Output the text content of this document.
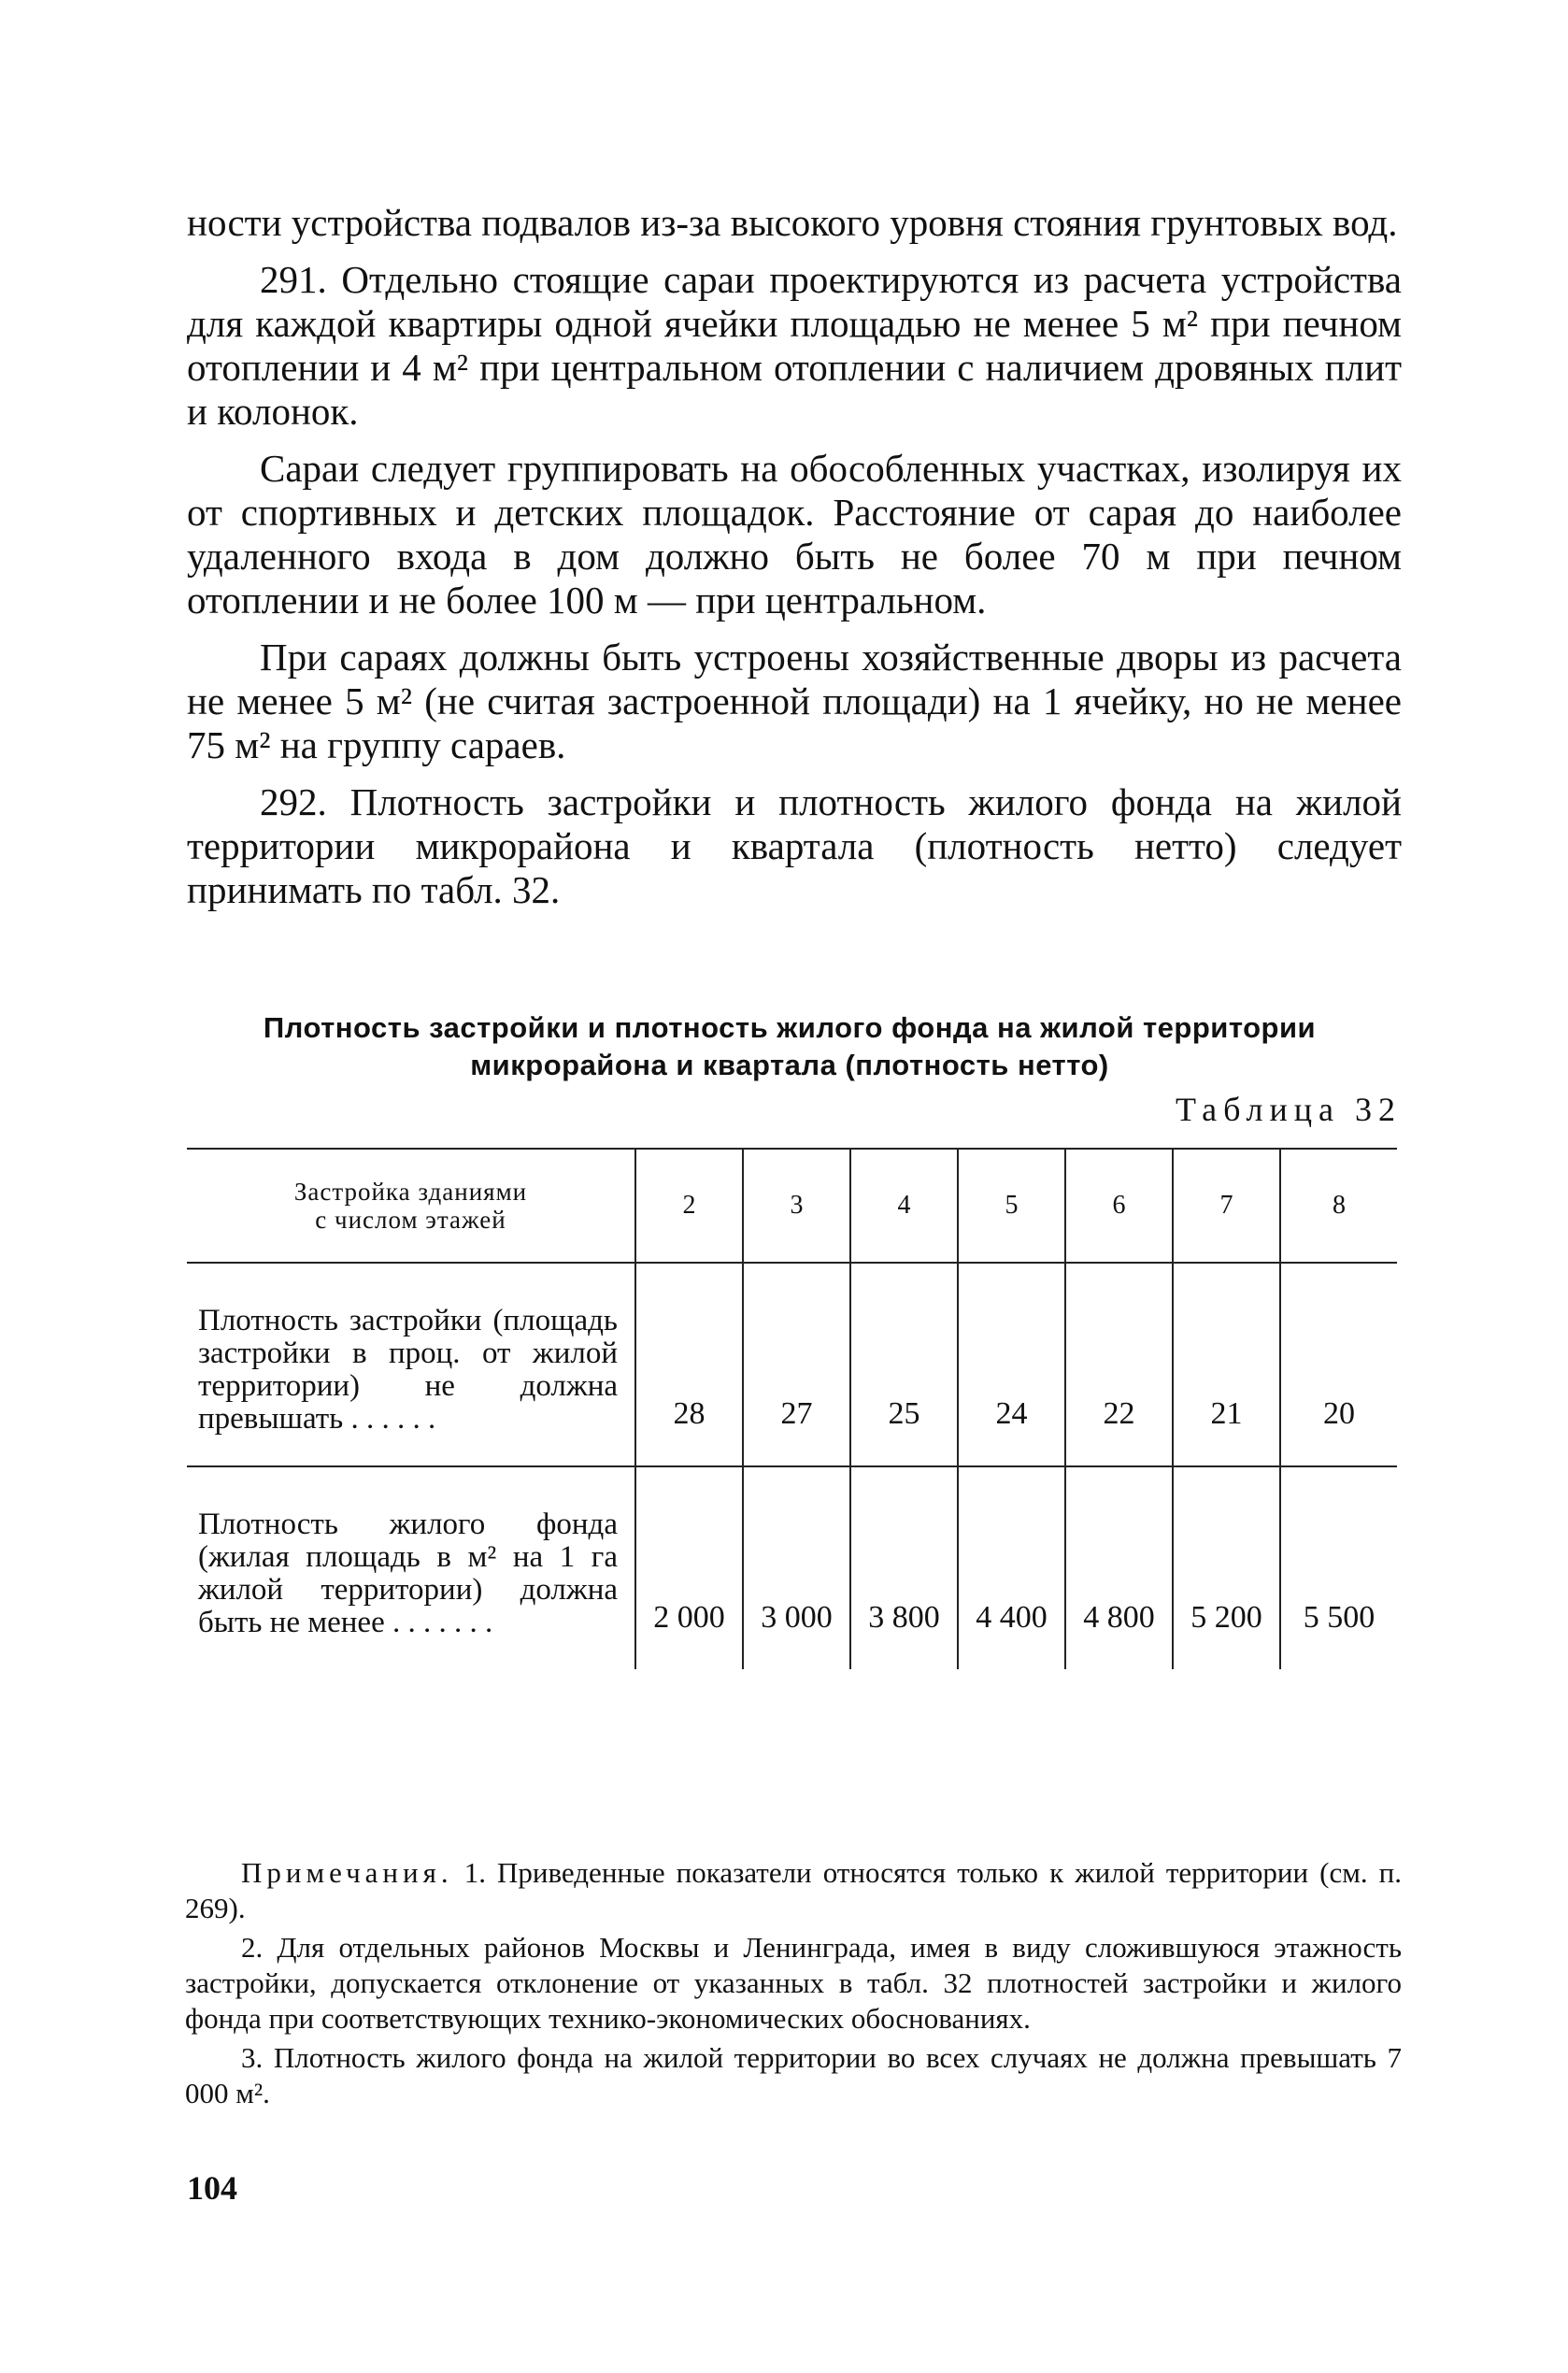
ности устройства подвалов из-за высокого уровня стояния грунтовых вод.

291. Отдельно стоящие сараи проектируются из расчета устройства для каждой квартиры одной ячейки площадью не менее 5 м² при печном отоплении и 4 м² при центральном отоплении с наличием дровяных плит и колонок.

Сараи следует группировать на обособленных участках, изолируя их от спортивных и детских площадок. Расстояние от сарая до наиболее удаленного входа в дом должно быть не более 70 м при печном отоплении и не более 100 м — при центральном.

При сараях должны быть устроены хозяйственные дворы из расчета не менее 5 м² (не считая застроенной площади) на 1 ячейку, но не менее 75 м² на группу сараев.

292. Плотность застройки и плотность жилого фонда на жилой территории микрорайона и квартала (плотность нетто) следует принимать по табл. 32.

Плотность застройки и плотность жилого фонда на жилой территории
микрорайона и квартала (плотность нетто)
Таблица 32
Застройка зданиями
с числом этажей	2	3	4	5	6	7	8
Плотность застройки (площадь застройки в проц. от жилой территории) не должна превышать . . . . . .	28	27	25	24	22	21	20
Плотность жилого фонда (жилая площадь в м² на 1 га жилой территории) должна быть не менее . . . . . . .	2 000	3 000	3 800	4 400	4 800	5 200	5 500

Примечания. 1. Приведенные показатели относятся только к жилой территории (см. п. 269).

2. Для отдельных районов Москвы и Ленинграда, имея в виду сложившуюся этажность застройки, допускается отклонение от указанных в табл. 32 плотностей застройки и жилого фонда при соответствующих технико-экономических обоснованиях.

3. Плотность жилого фонда на жилой территории во всех случаях не должна превышать 7 000 м².

104
